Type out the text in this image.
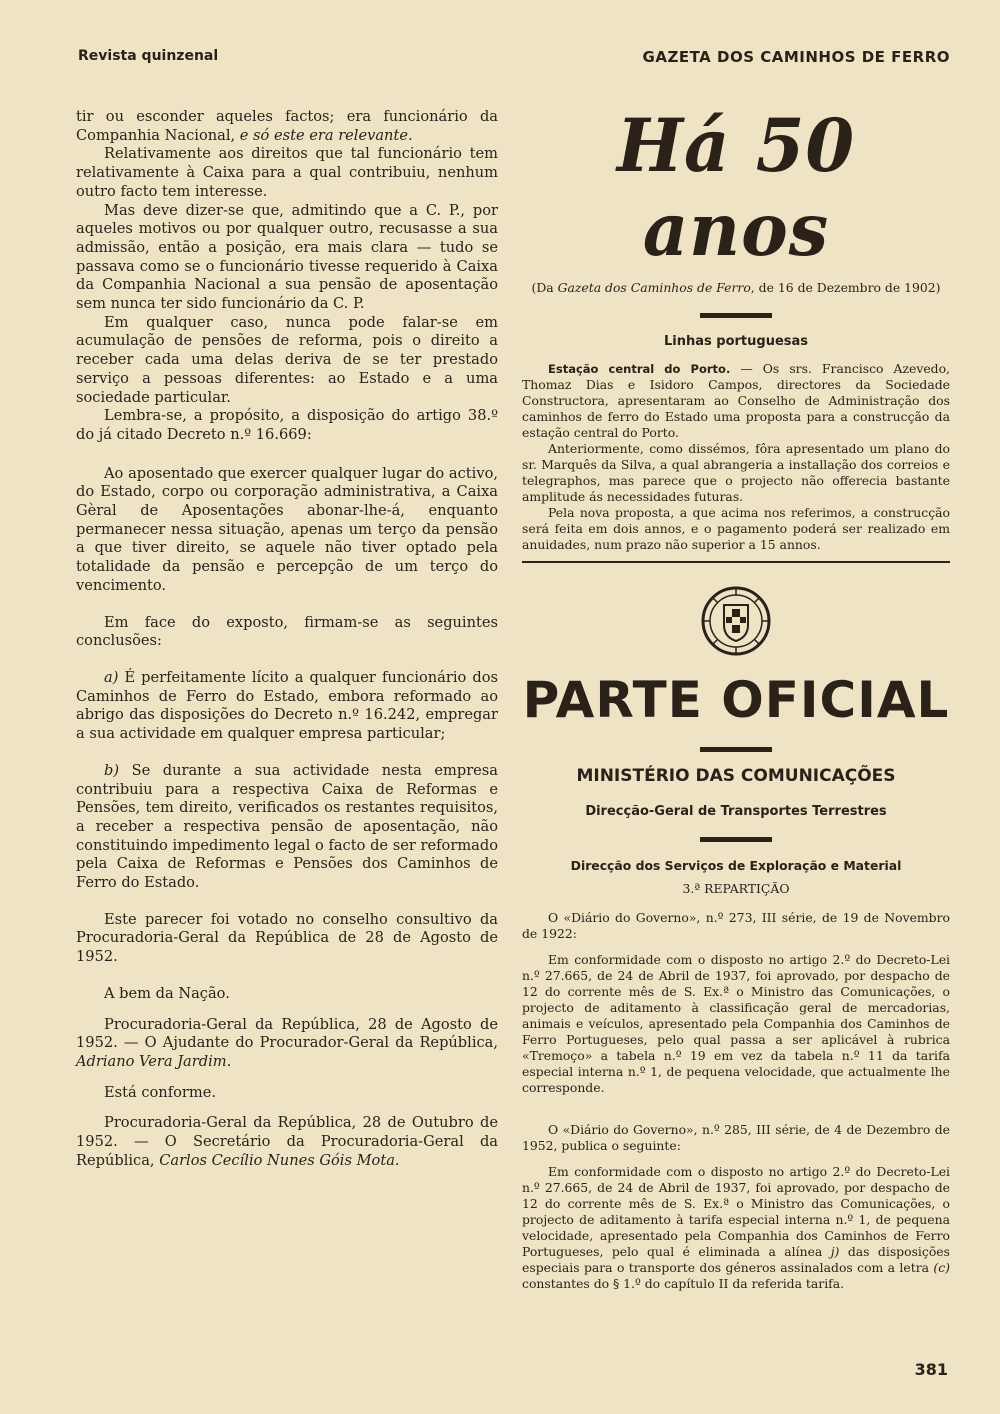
Revista quinzenal	GAZETA DOS CAMINHOS DE FERRO

tir ou esconder aqueles factos; era funcionário da Companhia Nacional, e só este era relevante.

Relativamente aos direitos que tal funcionário tem relativamente à Caixa para a qual contribuiu, nenhum outro facto tem interesse.

Mas deve dizer-se que, admitindo que a C. P., por aqueles motivos ou por qualquer outro, recusasse a sua admissão, então a posição, era mais clara — tudo se passava como se o funcionário tivesse requerido à Caixa da Companhia Nacional a sua pensão de aposentação sem nunca ter sido funcionário da C. P.

Em qualquer caso, nunca pode falar-se em acumulação de pensões de reforma, pois o direito a receber cada uma delas deriva de se ter prestado serviço a pessoas diferentes: ao Estado e a uma sociedade particular.

Lembra-se, a propósito, a disposição do artigo 38.º do já citado Decreto n.º 16.669:

Ao aposentado que exercer qualquer lugar do activo, do Estado, corpo ou corporação administrativa, a Caixa Gèral de Aposentações abonar-lhe-á, enquanto permanecer nessa situação, apenas um terço da pensão a que tiver direito, se aquele não tiver optado pela totalidade da pensão e percepção de um terço do vencimento.

Em face do exposto, firmam-se as seguintes conclusões:

a) É perfeitamente lícito a qualquer funcionário dos Caminhos de Ferro do Estado, embora reformado ao abrigo das disposições do Decreto n.º 16.242, empregar a sua actividade em qualquer empresa particular;

b) Se durante a sua actividade nesta empresa contribuiu para a respectiva Caixa de Reformas e Pensões, tem direito, verificados os restantes requisitos, a receber a respectiva pensão de aposentação, não constituindo impedimento legal o facto de ser reformado pela Caixa de Reformas e Pensões dos Caminhos de Ferro do Estado.

Este parecer foi votado no conselho consultivo da Procuradoria-Geral da República de 28 de Agosto de 1952.

A bem da Nação.

Procuradoria-Geral da República, 28 de Agosto de 1952. — O Ajudante do Procurador-Geral da República, Adriano Vera Jardim.

Está conforme.

Procuradoria-Geral da República, 28 de Outubro de 1952. — O Secretário da Procuradoria-Geral da República, Carlos Cecílio Nunes Góis Mota.

Há 50 anos
(Da Gazeta dos Caminhos de Ferro, de 16 de Dezembro de 1902)
Linhas portuguesas

Estação central do Porto. — Os srs. Francisco Azevedo, Thomaz Dias e Isidoro Campos, directores da Sociedade Constructora, apresentaram ao Conselho de Administração dos caminhos de ferro do Estado uma proposta para a construcção da estação central do Porto.

Anteriormente, como dissémos, fôra apresentado um plano do sr. Marquês da Silva, a qual abrangeria a installação dos correios e telegraphos, mas parece que o projecto não offerecia bastante amplitude ás necessidades futuras.

Pela nova proposta, a que acima nos referimos, a construcção será feita em dois annos, e o pagamento poderá ser realizado em anuidades, num prazo não superior a 15 annos.

PARTE OFICIAL
MINISTÉRIO DAS COMUNICAÇÕES
Direcção-Geral de Transportes Terrestres
Direcção dos Serviços de Exploração e Material
3.ª REPARTIÇÃO

O «Diário do Governo», n.º 273, III série, de 19 de Novembro de 1922:

Em conformidade com o disposto no artigo 2.º do Decreto-Lei n.º 27.665, de 24 de Abril de 1937, foi aprovado, por despacho de 12 do corrente mês de S. Ex.ª o Ministro das Comunicações, o projecto de aditamento à classificação geral de mercadorias, animais e veículos, apresentado pela Companhia dos Caminhos de Ferro Portugueses, pelo qual passa a ser aplicável à rubrica «Tremoço» a tabela n.º 19 em vez da tabela n.º 11 da tarifa especial interna n.º 1, de pequena velocidade, que actualmente lhe corresponde.

O «Diário do Governo», n.º 285, III série, de 4 de Dezembro de 1952, publica o seguinte:

Em conformidade com o disposto no artigo 2.º do Decreto-Lei n.º 27.665, de 24 de Abril de 1937, foi aprovado, por despacho de 12 do corrente mês de S. Ex.ª o Ministro das Comunicações, o projecto de aditamento à tarifa especial interna n.º 1, de pequena velocidade, apresentado pela Companhia dos Caminhos de Ferro Portugueses, pelo qual é eliminada a alínea j) das disposições especiais para o transporte dos géneros assinalados com a letra (c) constantes do § 1.º do capítulo II da referida tarifa.

381
